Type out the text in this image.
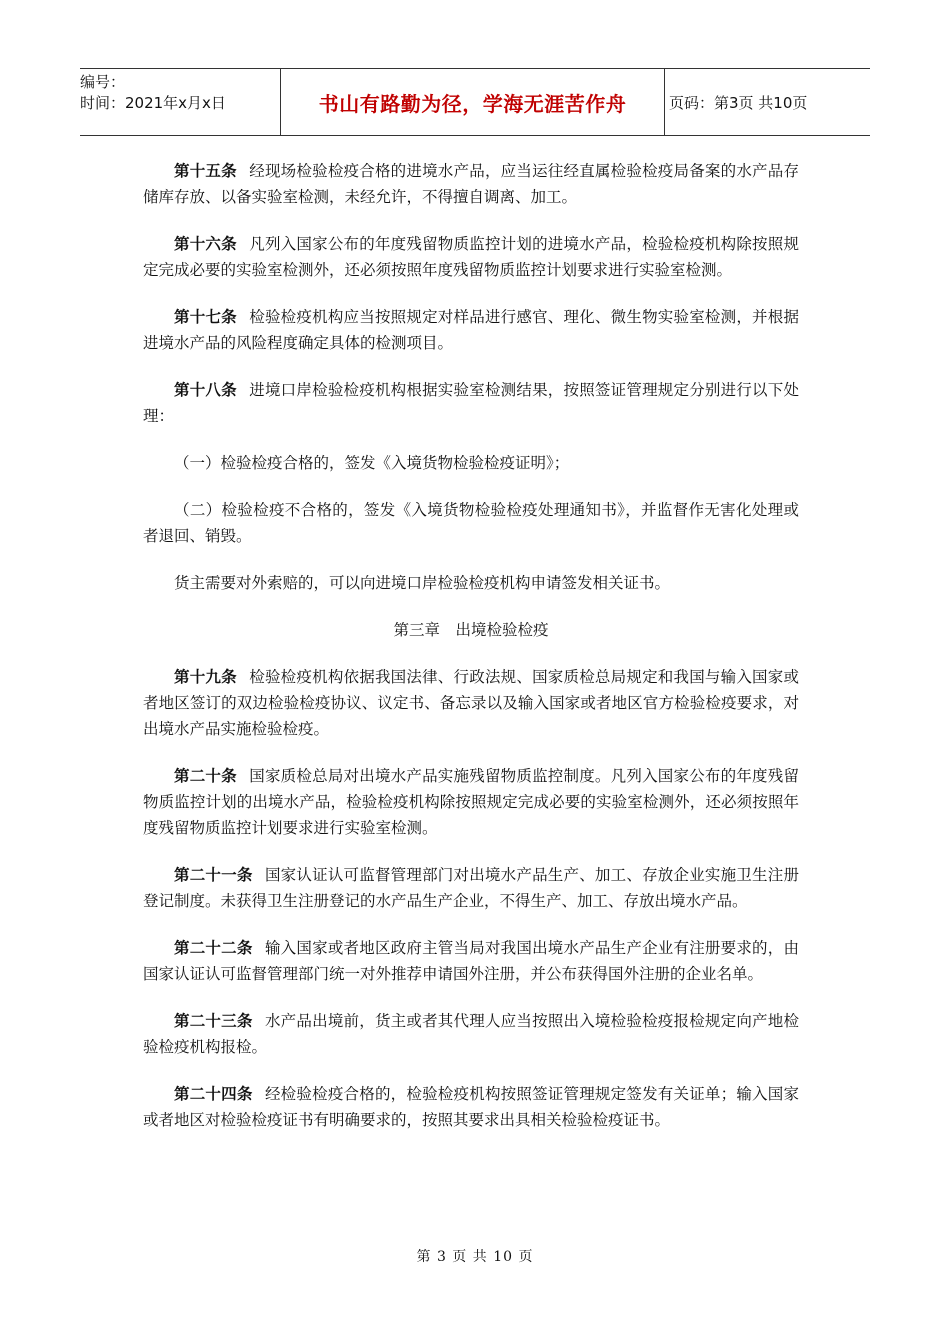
编号：
时间：2021年x月x日	书山有路勤为径，学海无涯苦作舟	页码：第3页 共10页

第十五条 经现场检验检疫合格的进境水产品，应当运往经直属检验检疫局备案的水产品存储库存放、以备实验室检测，未经允许，不得擅自调离、加工。

第十六条 凡列入国家公布的年度残留物质监控计划的进境水产品，检验检疫机构除按照规定完成必要的实验室检测外，还必须按照年度残留物质监控计划要求进行实验室检测。

第十七条 检验检疫机构应当按照规定对样品进行感官、理化、微生物实验室检测，并根据进境水产品的风险程度确定具体的检测项目。

第十八条 进境口岸检验检疫机构根据实验室检测结果，按照签证管理规定分别进行以下处理：

（一）检验检疫合格的，签发《入境货物检验检疫证明》；

（二）检验检疫不合格的，签发《入境货物检验检疫处理通知书》，并监督作无害化处理或者退回、销毁。

货主需要对外索赔的，可以向进境口岸检验检疫机构申请签发相关证书。

第三章　出境检验检疫

第十九条 检验检疫机构依据我国法律、行政法规、国家质检总局规定和我国与输入国家或者地区签订的双边检验检疫协议、议定书、备忘录以及输入国家或者地区官方检验检疫要求，对出境水产品实施检验检疫。

第二十条 国家质检总局对出境水产品实施残留物质监控制度。凡列入国家公布的年度残留物质监控计划的出境水产品，检验检疫机构除按照规定完成必要的实验室检测外，还必须按照年度残留物质监控计划要求进行实验室检测。

第二十一条 国家认证认可监督管理部门对出境水产品生产、加工、存放企业实施卫生注册登记制度。未获得卫生注册登记的水产品生产企业，不得生产、加工、存放出境水产品。

第二十二条 输入国家或者地区政府主管当局对我国出境水产品生产企业有注册要求的，由国家认证认可监督管理部门统一对外推荐申请国外注册，并公布获得国外注册的企业名单。

第二十三条 水产品出境前，货主或者其代理人应当按照出入境检验检疫报检规定向产地检验检疫机构报检。

第二十四条 经检验检疫合格的，检验检疫机构按照签证管理规定签发有关证单；输入国家或者地区对检验检疫证书有明确要求的，按照其要求出具相关检验检疫证书。

第 3 页 共 10 页
